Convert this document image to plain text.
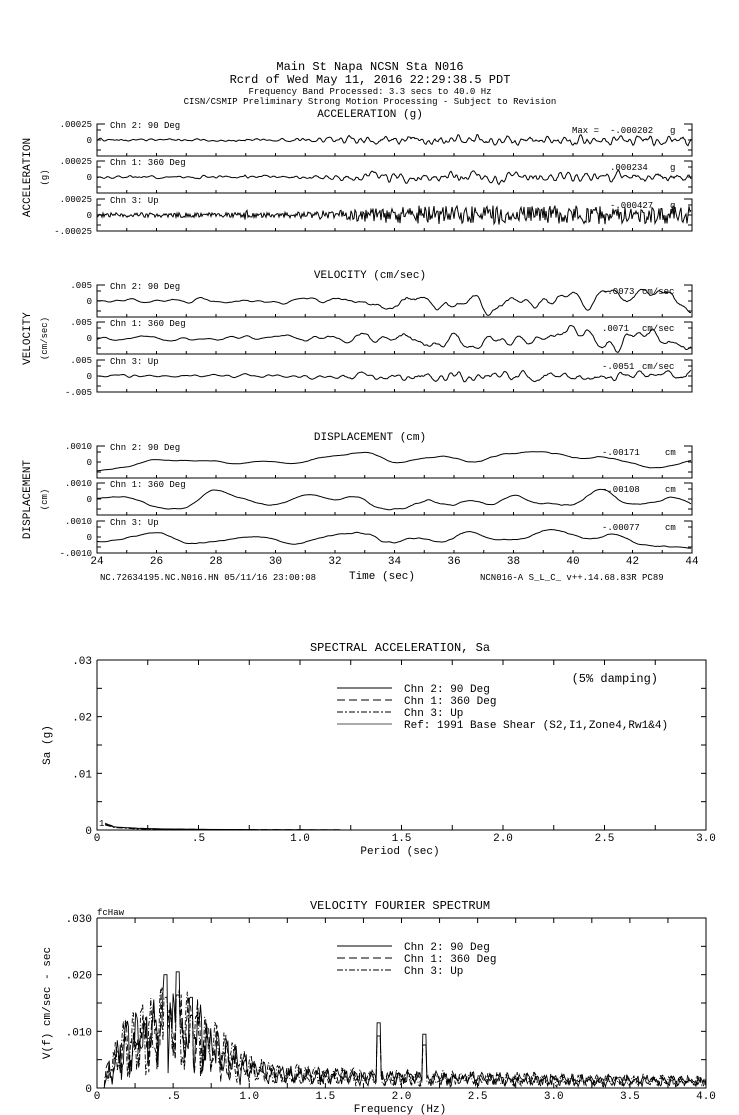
Main St Napa NCSN Sta N016
Rcrd of Wed May 11, 2016 22:29:38.5 PDT
Frequency Band Processed: 3.3 secs to 40.0 Hz
CISN/CSMIP Preliminary Strong Motion Processing - Subject to Revision
NC.72634195.NC.N016.HN 05/11/16 23:00:08	NCN016-A S_L_C_ v++.14.68.83R PC89
ACCELERATION (g)
ACCELERATION (g)
.00025
0
Chn 2: 90 Deg	Max = -.000202 g
.00025
0
Chn 1: 360 Deg	.000234 g
.00025
0
-.00025
Chn 3: Up	-.000427 g
VELOCITY (cm/sec)
VELOCITY (cm/sec)
.005
0
Chn 2: 90 Deg	-.0073 cm/sec
.005
0
Chn 1: 360 Deg	.0071 cm/sec
.005
0
-.005
Chn 3: Up	-.0051 cm/sec
DISPLACEMENT (cm)
DISPLACEMENT (cm)
.0010
0
Chn 2: 90 Deg	-.00171	cm
.0010
0
Chn 1: 360 Deg	-.00108	cm
.0010
0
-.0010
Chn 3: Up	-.00077	cm
24	26	28	30	32	34	36	38	40	42	44
Time (sec)
0
.01
.02
.03
SPECTRAL ACCELERATION, Sa
Period (sec)
Sa (g)
Chn 2: 90 Deg
Chn 1: 360 Deg
Chn 3: Up
Ref: 1991 Base Shear (S2,I1,Zone4,Rw1&4)
0	.5	1.0	1.5	2.0	2.5	3.0
(5% damping)
1
0
.010
.020
.030
VELOCITY FOURIER SPECTRUM
Frequency (Hz)
V(f) cm/sec - sec	Chn 2: 90 Deg
Chn 1: 360 Deg
Chn 3: Up
0	.5	1.0	1.5	2.0	2.5	3.0	3.5	4.0
fcHaw
